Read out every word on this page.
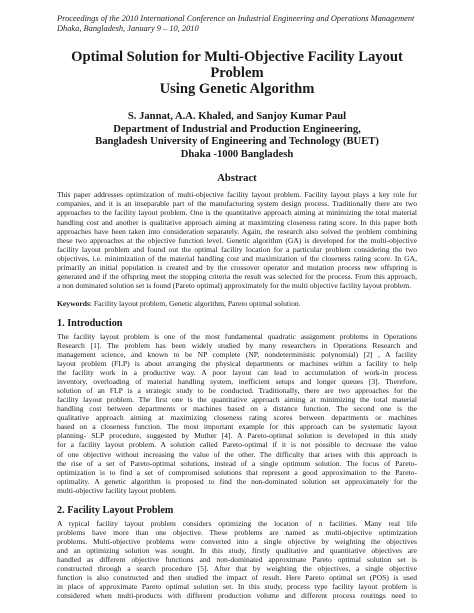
Proceedings of the 2010 International Conference on Industrial Engineering and Operations Management
Dhaka, Bangladesh, January 9 – 10, 2010
Optimal Solution for Multi-Objective Facility Layout Problem
Using Genetic Algorithm
S. Jannat, A.A. Khaled, and Sanjoy Kumar Paul
Department of Industrial and Production Engineering,
Bangladesh University of Engineering and Technology (BUET)
Dhaka -1000 Bangladesh
Abstract
This paper addresses optimization of multi-objective facility layout problem. Facility layout plays a key role for
companies, and it is an inseparable part of the manufacturing system design process. Traditionally there are two
approaches to the facility layout problem. One is the quantitative approach aiming at minimizing the total material
handling cost and another is qualitative approach aiming at maximizing closeness rating score. In this paper both
approaches have been taken into consideration separately. Again, the research also solved the problem combining
these two approaches at the objective function level. Genetic algorithm (GA) is developed for the multi-objective
facility layout problem and found out the optimal facility location for a particular problem considering the two
objectives, i.e. minimization of the material handling cost and maximization of the closeness rating score. In GA,
primarily an initial population is created and by the crossover operator and mutation process new offspring is
generated and if the offspring meet the stopping criteria the result was selected for the process. From this approach,
a non dominated solution set is found (Pareto optimal) approximately for the multi objective facility layout problem.
Keywords: Facility layout problem, Genetic algorithm, Pareto optimal solution.
1. Introduction
The facility layout problem is one of the most fundamental quadratic assignment problems in Operations
Research [1]. The problem has been widely studied by many researchers in Operations Research and
management science, and known to be NP complete (NP, nondeterministic polynomial) [2] , A facility
layout problem (FLP) is about arranging the physical departments or machines within a facility to help
the facility work in a productive way. A poor layout can lead to accumulation of work-in process
inventory, overloading of material handling system, inefficient setups and longer queues [3]. Therefore,
solution of an FLP is a strategic study to be conducted. Traditionally, there are two approaches for the
facility layout problem. The first one is the quantitative approach aiming at minimizing the total material
handling cost between departments or machines based on a distance function. The second one is the
qualitative approach aiming at maximizing closeness rating scores between departments or machines
based on a closeness function. The most important example for this approach can be systematic layout
planning- SLP procedure, suggested by Muther [4]. A Pareto-optimal solution is developed in this study
for a facility layout problem. A solution called Pareto-optimal if it is not possible to decrease the value
of one objective without increasing the value of the other. The difficulty that arises with this approach is
the rise of a set of Pareto-optimal solutions, instead of a single optimum solution. The focus of Pareto-
optimization is to find a set of compromised solutions that represent a good approximation to the Pareto-
optimality. A genetic algorithm is proposed to find the non-dominated solution set approximately for the
multi-objective facility layout problem.
2. Facility Layout Problem
A typical facility layout problem considers optimizing the location of n facilities. Many real life
problems have more than one objective. These problems are named as multi-objective optimization
problems. Multi-objective problems were converted into a single objective by weighting the objectives
and an optimizing solution was sought. In this study, firstly qualitative and quantitative objectives are
handled as different objective functions and non-dominated approximate Pareto optimal solution set is
constructed through a search procedure [5]. After that by weighting the objectives, a single objective
function is also constructed and then studied the impact of result. Here Pareto optimal set (POS) is used
in place of approximate Pareto optimal solution set. In this study, process type facility layout problem is
considered when multi-products with different production volume and different process routings need to
